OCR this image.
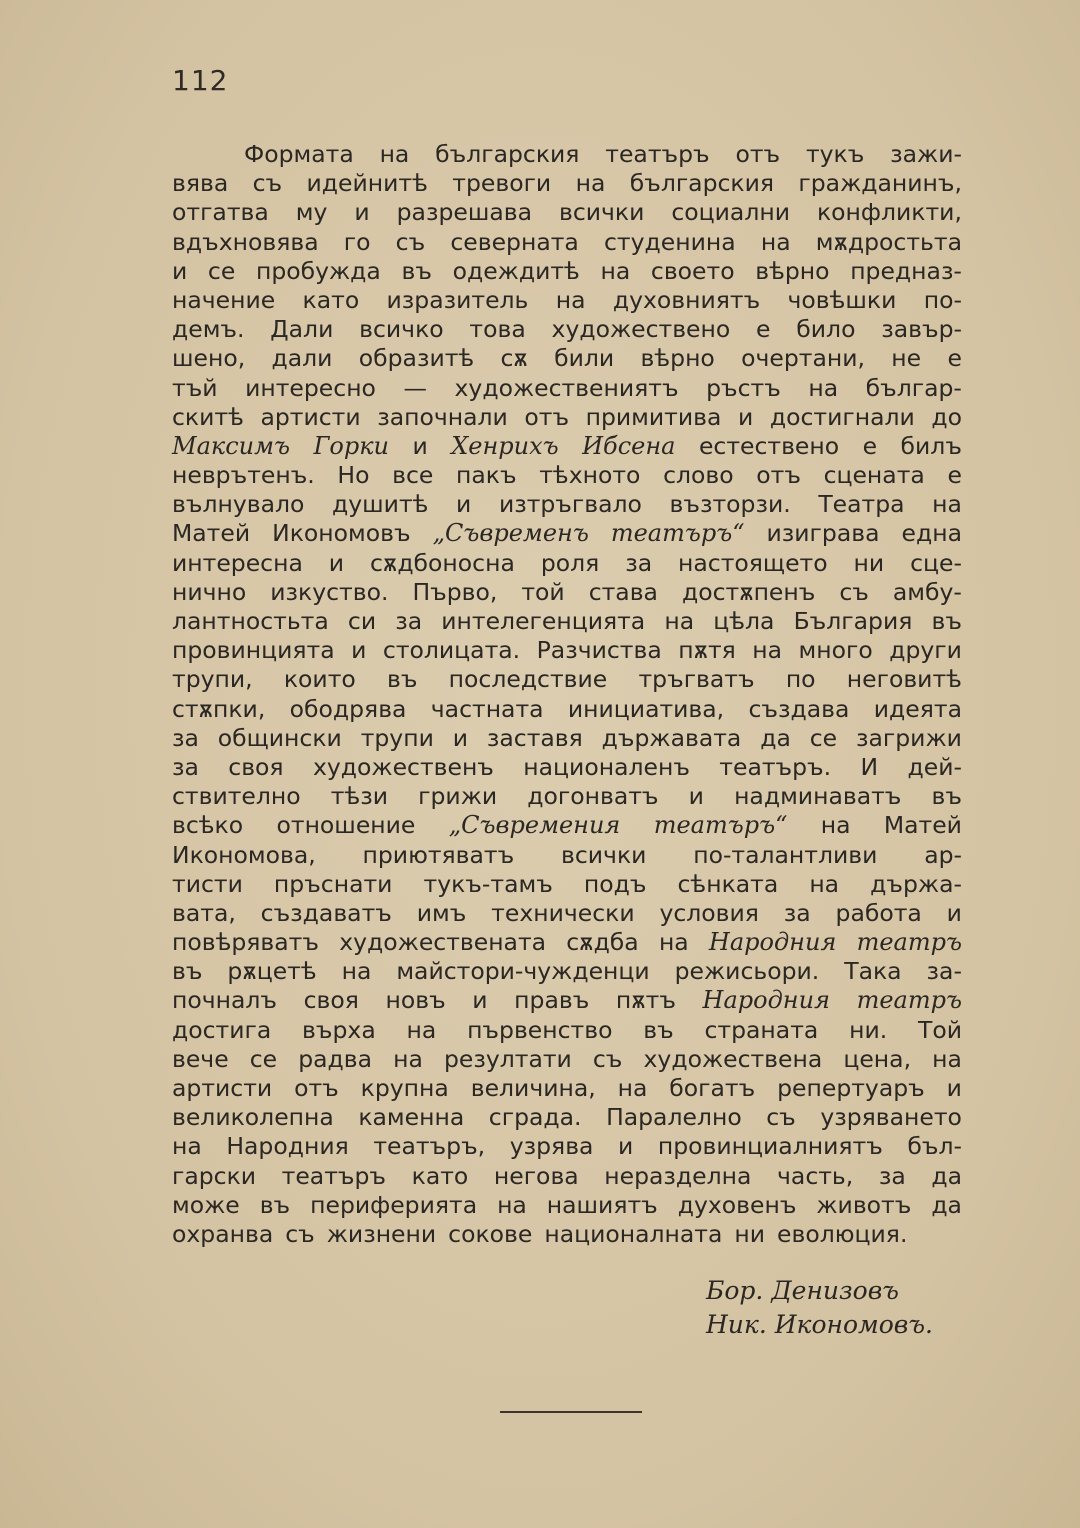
112
Формата на българския театъръ отъ тукъ зажи-
вява съ идейнитѣ тревоги на българския гражданинъ,
отгатва му и разрешава всички социални конфликти,
вдъхновява го съ северната студенина на мѫдростьта
и се пробужда въ одеждитѣ на своето вѣрно предназ-
начение като изразитель на духовниятъ човѣшки по-
демъ. Дали всичко това художествено е било завър-
шено, дали образитѣ сѫ били вѣрно очертани, не е
тъй интересно — художествениятъ ръстъ на българ-
скитѣ артисти започнали отъ примитива и достигнали до
Максимъ Горки и Хенрихъ Ибсена естествено е билъ
неврътенъ. Но все пакъ тѣхното слово отъ сцената е
вълнувало душитѣ и изтръгвало възторзи. Театра на
Матей Икономовъ „Съвременъ театъръ“ изиграва една
интересна и сѫдбоносна роля за настоящето ни сце-
нично изкуство. Първо, той става достѫпенъ съ амбу-
лантностьта си за интелегенцията на цѣла България въ
провинцията и столицата. Разчиства пѫтя на много други
трупи, които въ последствие тръгватъ по неговитѣ
стѫпки, ободрява частната инициатива, създава идеята
за общински трупи и заставя държавата да се загрижи
за своя художественъ националенъ театъръ. И дей-
ствително тѣзи грижи догонватъ и надминаватъ въ
всѣко отношение „Съвремения театъръ“ на Матей
Икономова, приютяватъ всички по-талантливи ар-
тисти пръснати тукъ-тамъ подъ сѣнката на държа-
вата, създаватъ имъ технически условия за работа и
повѣряватъ художествената сѫдба на Народния театръ
въ рѫцетѣ на майстори-чужденци режисьори. Така за-
почналъ своя новъ и правъ пѫтъ Народния театръ
достига върха на първенство въ страната ни. Той
вече се радва на резултати съ художествена цена, на
артисти отъ крупна величина, на богатъ репертуаръ и
великолепна каменна сграда. Паралелно съ узряването
на Народния театъръ, узрява и провинциалниятъ бъл-
гарски театъръ като негова неразделна часть, за да
може въ периферията на нашиятъ духовенъ животъ да
охранва съ жизнени сокове националната ни еволюция.
Бор. Денизовъ
Ник. Икономовъ.
